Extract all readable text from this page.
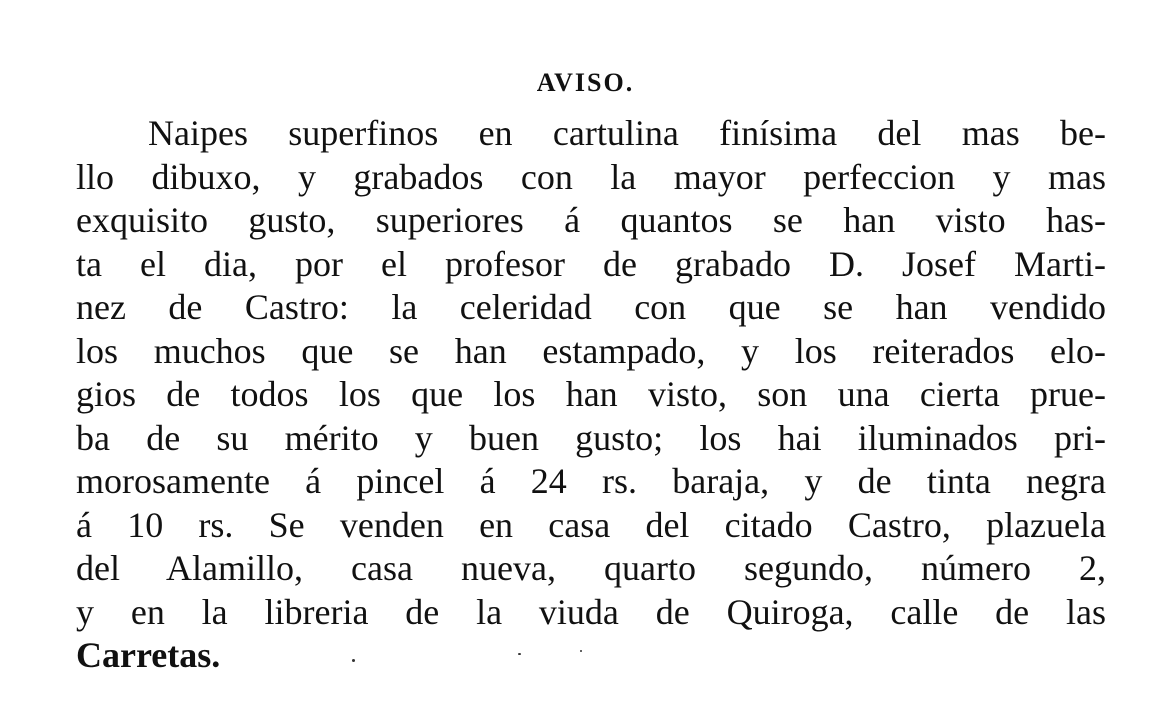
AVISO.
Naipes superfinos en cartulina finísima del mas be-
llo dibuxo, y grabados con la mayor perfeccion y mas
exquisito gusto, superiores á quantos se han visto has-
ta el dia, por el profesor de grabado D. Josef Marti-
nez de Castro: la celeridad con que se han vendido
los muchos que se han estampado, y los reiterados elo-
gios de todos los que los han visto, son una cierta prue-
ba de su mérito y buen gusto; los hai iluminados pri-
morosamente á pincel á 24 rs. baraja, y de tinta negra
á 10 rs. Se venden en casa del citado Castro, plazuela
del Alamillo, casa nueva, quarto segundo, número 2,
y en la libreria de la viuda de Quiroga, calle de las
Carretas.
